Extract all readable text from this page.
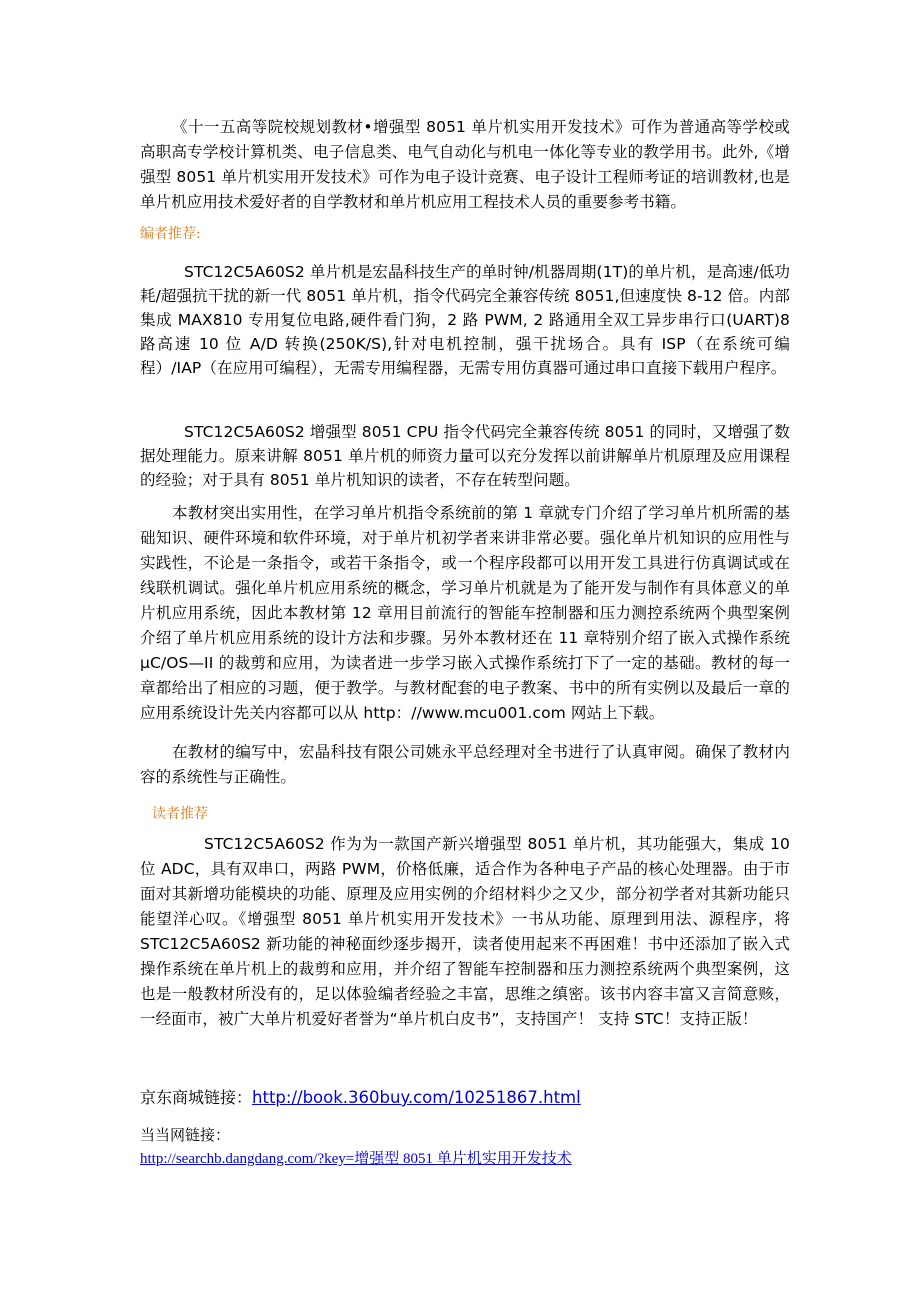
《十一五高等院校规划教材•增强型 8051 单片机实用开发技术》可作为普通高等学校或高职高专学校计算机类、电子信息类、电气自动化与机电一体化等专业的教学用书。此外,《增强型 8051 单片机实用开发技术》可作为电子设计竞赛、电子设计工程师考证的培训教材,也是单片机应用技术爱好者的自学教材和单片机应用工程技术人员的重要参考书籍。

编者推荐:

STC12C5A60S2 单片机是宏晶科技生产的单时钟/机器周期(1T)的单片机，是高速/低功耗/超强抗干扰的新一代 8051 单片机，指令代码完全兼容传统 8051,但速度快 8-12 倍。内部集成 MAX810 专用复位电路,硬件看门狗，2 路 PWM, 2 路通用全双工异步串行口(UART)8 路高速 10 位 A/D 转换(250K/S),针对电机控制，强干扰场合。具有 ISP（在系统可编程）/IAP（在应用可编程），无需专用编程器，无需专用仿真器可通过串口直接下载用户程序。

STC12C5A60S2 增强型 8051 CPU 指令代码完全兼容传统 8051 的同时，又增强了数据处理能力。原来讲解 8051 单片机的师资力量可以充分发挥以前讲解单片机原理及应用课程的经验；对于具有 8051 单片机知识的读者，不存在转型问题。

本教材突出实用性，在学习单片机指令系统前的第 1 章就专门介绍了学习单片机所需的基础知识、硬件环境和软件环境，对于单片机初学者来讲非常必要。强化单片机知识的应用性与实践性，不论是一条指令，或若干条指令，或一个程序段都可以用开发工具进行仿真调试或在线联机调试。强化单片机应用系统的概念，学习单片机就是为了能开发与制作有具体意义的单片机应用系统，因此本教材第 12 章用目前流行的智能车控制器和压力测控系统两个典型案例介绍了单片机应用系统的设计方法和步骤。另外本教材还在 11 章特别介绍了嵌入式操作系统 μC/OS—II 的裁剪和应用，为读者进一步学习嵌入式操作系统打下了一定的基础。教材的每一章都给出了相应的习题，便于教学。与教材配套的电子教案、书中的所有实例以及最后一章的应用系统设计先关内容都可以从 http：//www.mcu001.com 网站上下载。

在教材的编写中，宏晶科技有限公司姚永平总经理对全书进行了认真审阅。确保了教材内容的系统性与正确性。

读者推荐

STC12C5A60S2 作为为一款国产新兴增强型 8051 单片机，其功能强大，集成 10 位 ADC，具有双串口，两路 PWM，价格低廉，适合作为各种电子产品的核心处理器。由于市面对其新增功能模块的功能、原理及应用实例的介绍材料少之又少，部分初学者对其新功能只能望洋心叹。《增强型 8051 单片机实用开发技术》一书从功能、原理到用法、源程序，将 STC12C5A60S2 新功能的神秘面纱逐步揭开，读者使用起来不再困难！书中还添加了嵌入式操作系统在单片机上的裁剪和应用，并介绍了智能车控制器和压力测控系统两个典型案例，这也是一般教材所没有的，足以体验编者经验之丰富，思维之缜密。该书内容丰富又言简意赅，一经面市，被广大单片机爱好者誉为“单片机白皮书”，支持国产！ 支持 STC！支持正版！

京东商城链接：http://book.360buy.com/10251867.html

当当网链接：

http://searchb.dangdang.com/?key=增强型 8051 单片机实用开发技术
